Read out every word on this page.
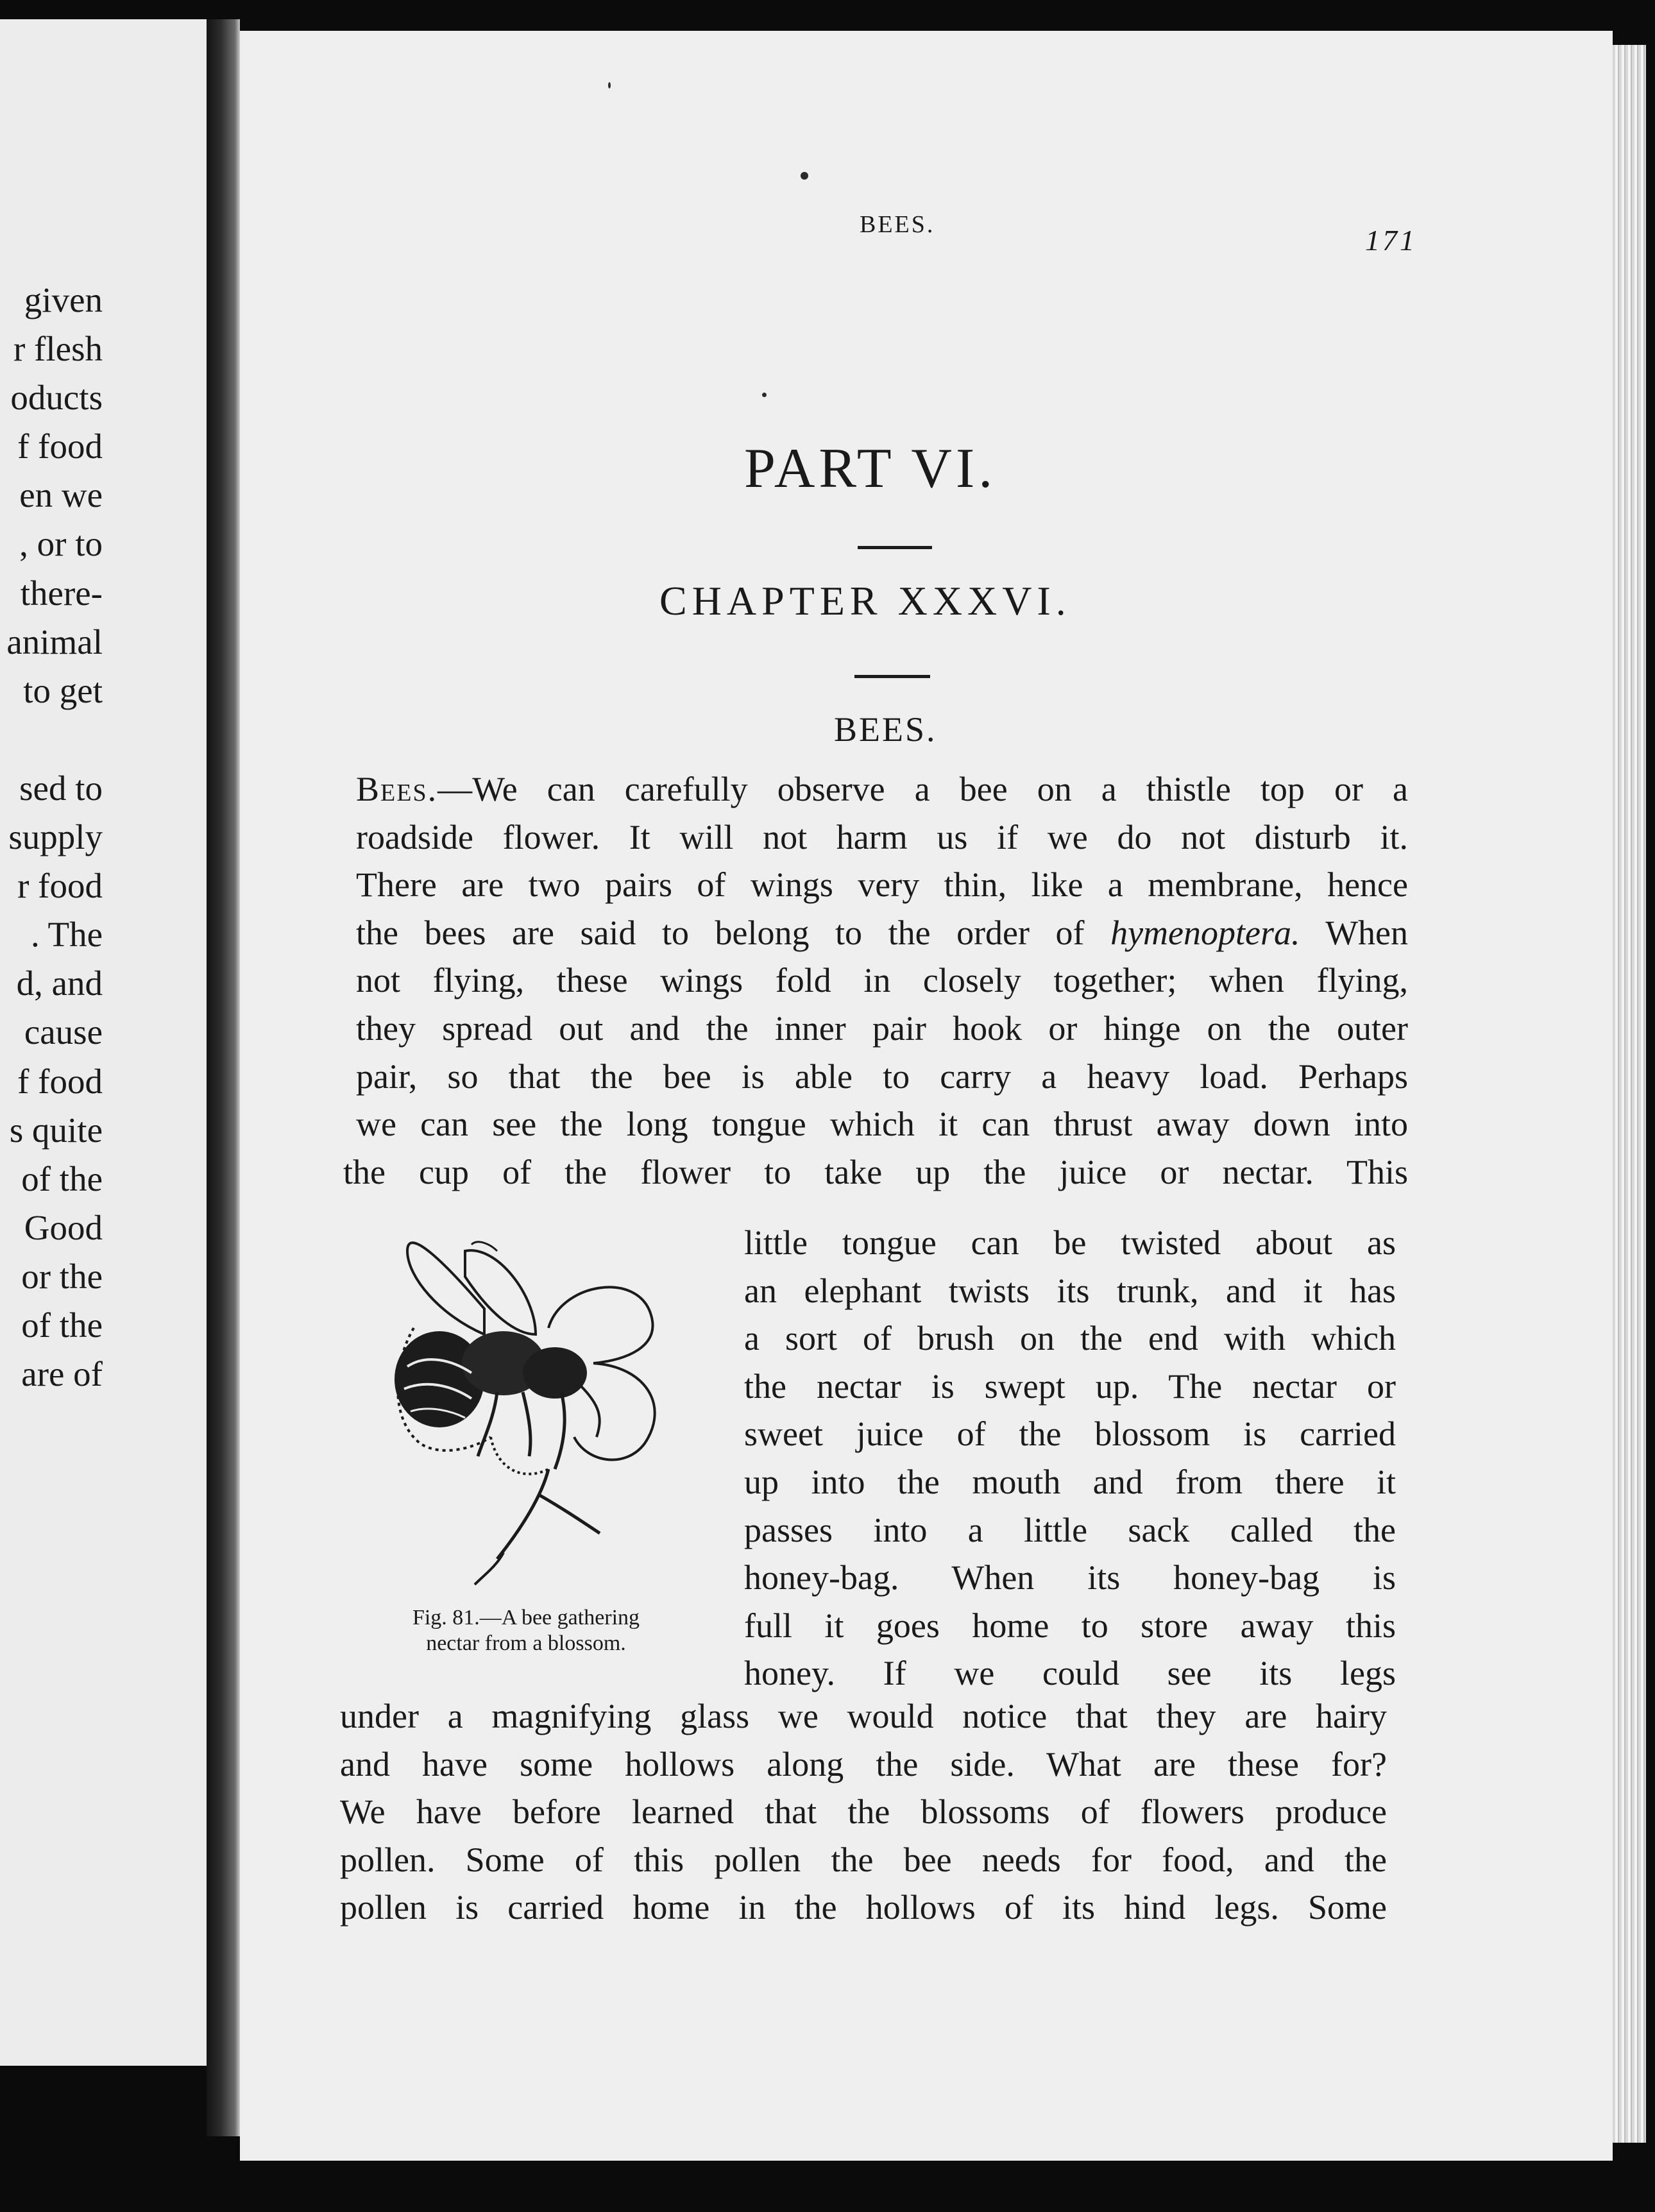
given
r flesh
oducts
f food
en we
, or to
there-
animal
to get
sed to
supply
r food
. The
d, and
cause
f food
s quite
of the
Good
or the
of the
are of
BEES.	171
PART VI.
CHAPTER XXXVI.
BEES.
Bees.—We can carefully observe a bee on a thistle top or a
roadside flower. It will not harm us if we do not disturb it.
There are two pairs of wings very thin, like a membrane, hence
the bees are said to belong to the order of hymenoptera. When
not flying, these wings fold in closely together; when flying,
they spread out and the inner pair hook or hinge on the outer
pair, so that the bee is able to carry a heavy load. Perhaps
we can see the long tongue which it can thrust away down into
the cup of the flower to take up the juice or nectar. This
Fig. 81.—A bee gathering
nectar from a blossom.
little tongue can be twisted about as
an elephant twists its trunk, and it has
a sort of brush on the end with which
the nectar is swept up. The nectar or
sweet juice of the blossom is carried
up into the mouth and from there it
passes into a little sack called the
honey-bag. When its honey-bag is
full it goes home to store away this
honey. If we could see its legs
under a magnifying glass we would notice that they are hairy
and have some hollows along the side. What are these for?
We have before learned that the blossoms of flowers produce
pollen. Some of this pollen the bee needs for food, and the
pollen is carried home in the hollows of its hind legs. Some
